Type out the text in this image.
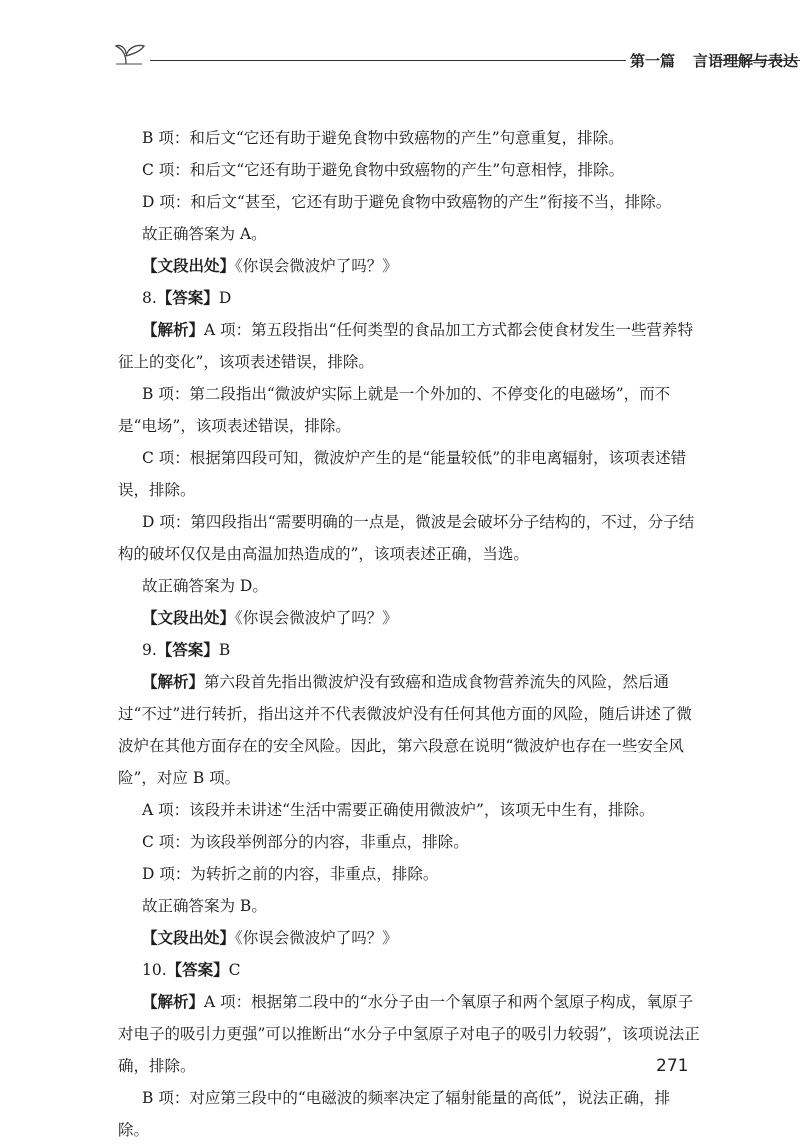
第一篇 言语理解与表达

B 项：和后文“它还有助于避免食物中致癌物的产生”句意重复，排除。

C 项：和后文“它还有助于避免食物中致癌物的产生”句意相悖，排除。

D 项：和后文“甚至，它还有助于避免食物中致癌物的产生”衔接不当，排除。

故正确答案为 A。

【文段出处】《你误会微波炉了吗？》

8.【答案】D

【解析】A 项：第五段指出“任何类型的食品加工方式都会使食材发生一些营养特征上的变化”，该项表述错误，排除。

B 项：第二段指出“微波炉实际上就是一个外加的、不停变化的电磁场”，而不是“电场”，该项表述错误，排除。

C 项：根据第四段可知，微波炉产生的是“能量较低”的非电离辐射，该项表述错误，排除。

D 项：第四段指出“需要明确的一点是，微波是会破坏分子结构的，不过，分子结构的破坏仅仅是由高温加热造成的”，该项表述正确，当选。

故正确答案为 D。

【文段出处】《你误会微波炉了吗？》

9.【答案】B

【解析】第六段首先指出微波炉没有致癌和造成食物营养流失的风险，然后通过“不过”进行转折，指出这并不代表微波炉没有任何其他方面的风险，随后讲述了微波炉在其他方面存在的安全风险。因此，第六段意在说明“微波炉也存在一些安全风险”，对应 B 项。

A 项：该段并未讲述“生活中需要正确使用微波炉”，该项无中生有，排除。

C 项：为该段举例部分的内容，非重点，排除。

D 项：为转折之前的内容，非重点，排除。

故正确答案为 B。

【文段出处】《你误会微波炉了吗？》

10.【答案】C

【解析】A 项：根据第二段中的“水分子由一个氧原子和两个氢原子构成，氧原子对电子的吸引力更强”可以推断出“水分子中氢原子对电子的吸引力较弱”，该项说法正确，排除。

B 项：对应第三段中的“电磁波的频率决定了辐射能量的高低”，说法正确，排除。

271
